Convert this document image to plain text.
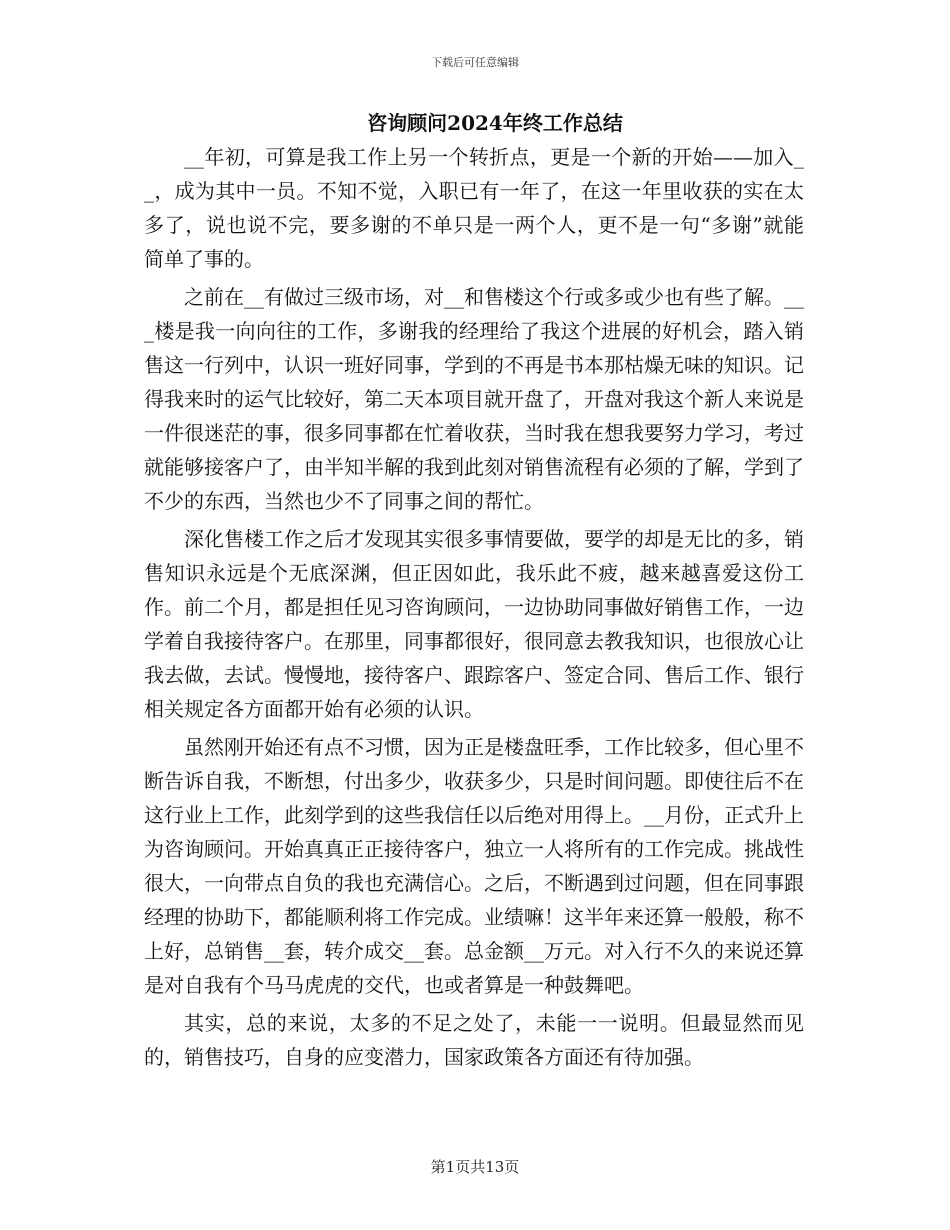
下载后可任意编辑
咨询顾问2024年终工作总结

__年初，可算是我工作上另一个转折点，更是一个新的开始——加入__，成为其中一员。不知不觉，入职已有一年了，在这一年里收获的实在太多了，说也说不完，要多谢的不单只是一两个人，更不是一句“多谢”就能简单了事的。

之前在__有做过三级市场，对__和售楼这个行或多或少也有些了解。___楼是我一向向往的工作，多谢我的经理给了我这个进展的好机会，踏入销售这一行列中，认识一班好同事，学到的不再是书本那枯燥无味的知识。记得我来时的运气比较好，第二天本项目就开盘了，开盘对我这个新人来说是一件很迷茫的事，很多同事都在忙着收获，当时我在想我要努力学习，考过就能够接客户了，由半知半解的我到此刻对销售流程有必须的了解，学到了不少的东西，当然也少不了同事之间的帮忙。

深化售楼工作之后才发现其实很多事情要做，要学的却是无比的多，销售知识永远是个无底深渊，但正因如此，我乐此不疲，越来越喜爱这份工作。前二个月，都是担任见习咨询顾问，一边协助同事做好销售工作，一边学着自我接待客户。在那里，同事都很好，很同意去教我知识，也很放心让我去做，去试。慢慢地，接待客户、跟踪客户、签定合同、售后工作、银行相关规定各方面都开始有必须的认识。

虽然刚开始还有点不习惯，因为正是楼盘旺季，工作比较多，但心里不断告诉自我，不断想，付出多少，收获多少，只是时间问题。即使往后不在这行业上工作，此刻学到的这些我信任以后绝对用得上。__月份，正式升上为咨询顾问。开始真真正正接待客户，独立一人将所有的工作完成。挑战性很大，一向带点自负的我也充满信心。之后，不断遇到过问题，但在同事跟经理的协助下，都能顺利将工作完成。业绩嘛！这半年来还算一般般，称不上好，总销售__套，转介成交__套。总金额__万元。对入行不久的来说还算是对自我有个马马虎虎的交代，也或者算是一种鼓舞吧。

其实，总的来说，太多的不足之处了，未能一一说明。但最显然而见的，销售技巧，自身的应变潜力，国家政策各方面还有待加强。

第1页共13页
